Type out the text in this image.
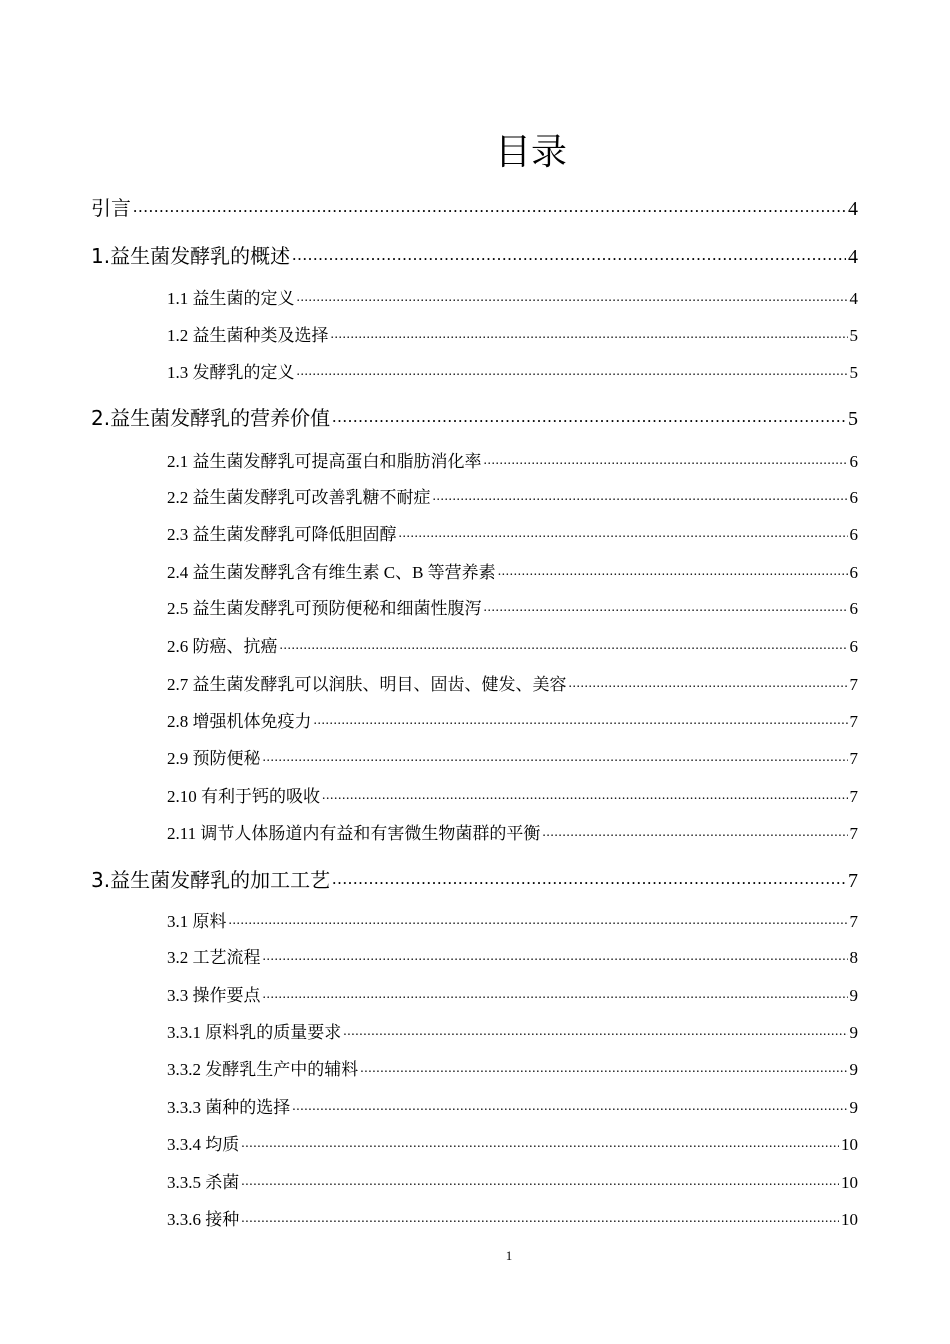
目录
引言 .....	4
1.益生菌发酵乳的概述 .....	4
1.1 益生菌的定义 .....	4
1.2 益生菌种类及选择 .....	5
1.3 发酵乳的定义 .....	5
2.益生菌发酵乳的营养价值 .....	5
2.1 益生菌发酵乳可提高蛋白和脂肪消化率 .....	6
2.2 益生菌发酵乳可改善乳糖不耐症 .....	6
2.3 益生菌发酵乳可降低胆固醇 .....	6
2.4 益生菌发酵乳含有维生素 C、B 等营养素 .....	6
2.5 益生菌发酵乳可预防便秘和细菌性腹泻 .....	6
2.6 防癌、抗癌 .....	6
2.7 益生菌发酵乳可以润肤、明目、固齿、健发、美容 .....	7
2.8 增强机体免疫力 .....	7
2.9 预防便秘 .....	7
2.10 有利于钙的吸收 .....	7
2.11 调节人体肠道内有益和有害微生物菌群的平衡 .....	7
3.益生菌发酵乳的加工工艺 .....	7
3.1 原料 .....	7
3.2 工艺流程 .....	8
3.3 操作要点 .....	9
3.3.1 原料乳的质量要求 .....	9
3.3.2 发酵乳生产中的辅料 .....	9
3.3.3 菌种的选择 .....	9
3.3.4 均质 .....	10
3.3.5 杀菌 .....	10
3.3.6 接种 .....	10
1
